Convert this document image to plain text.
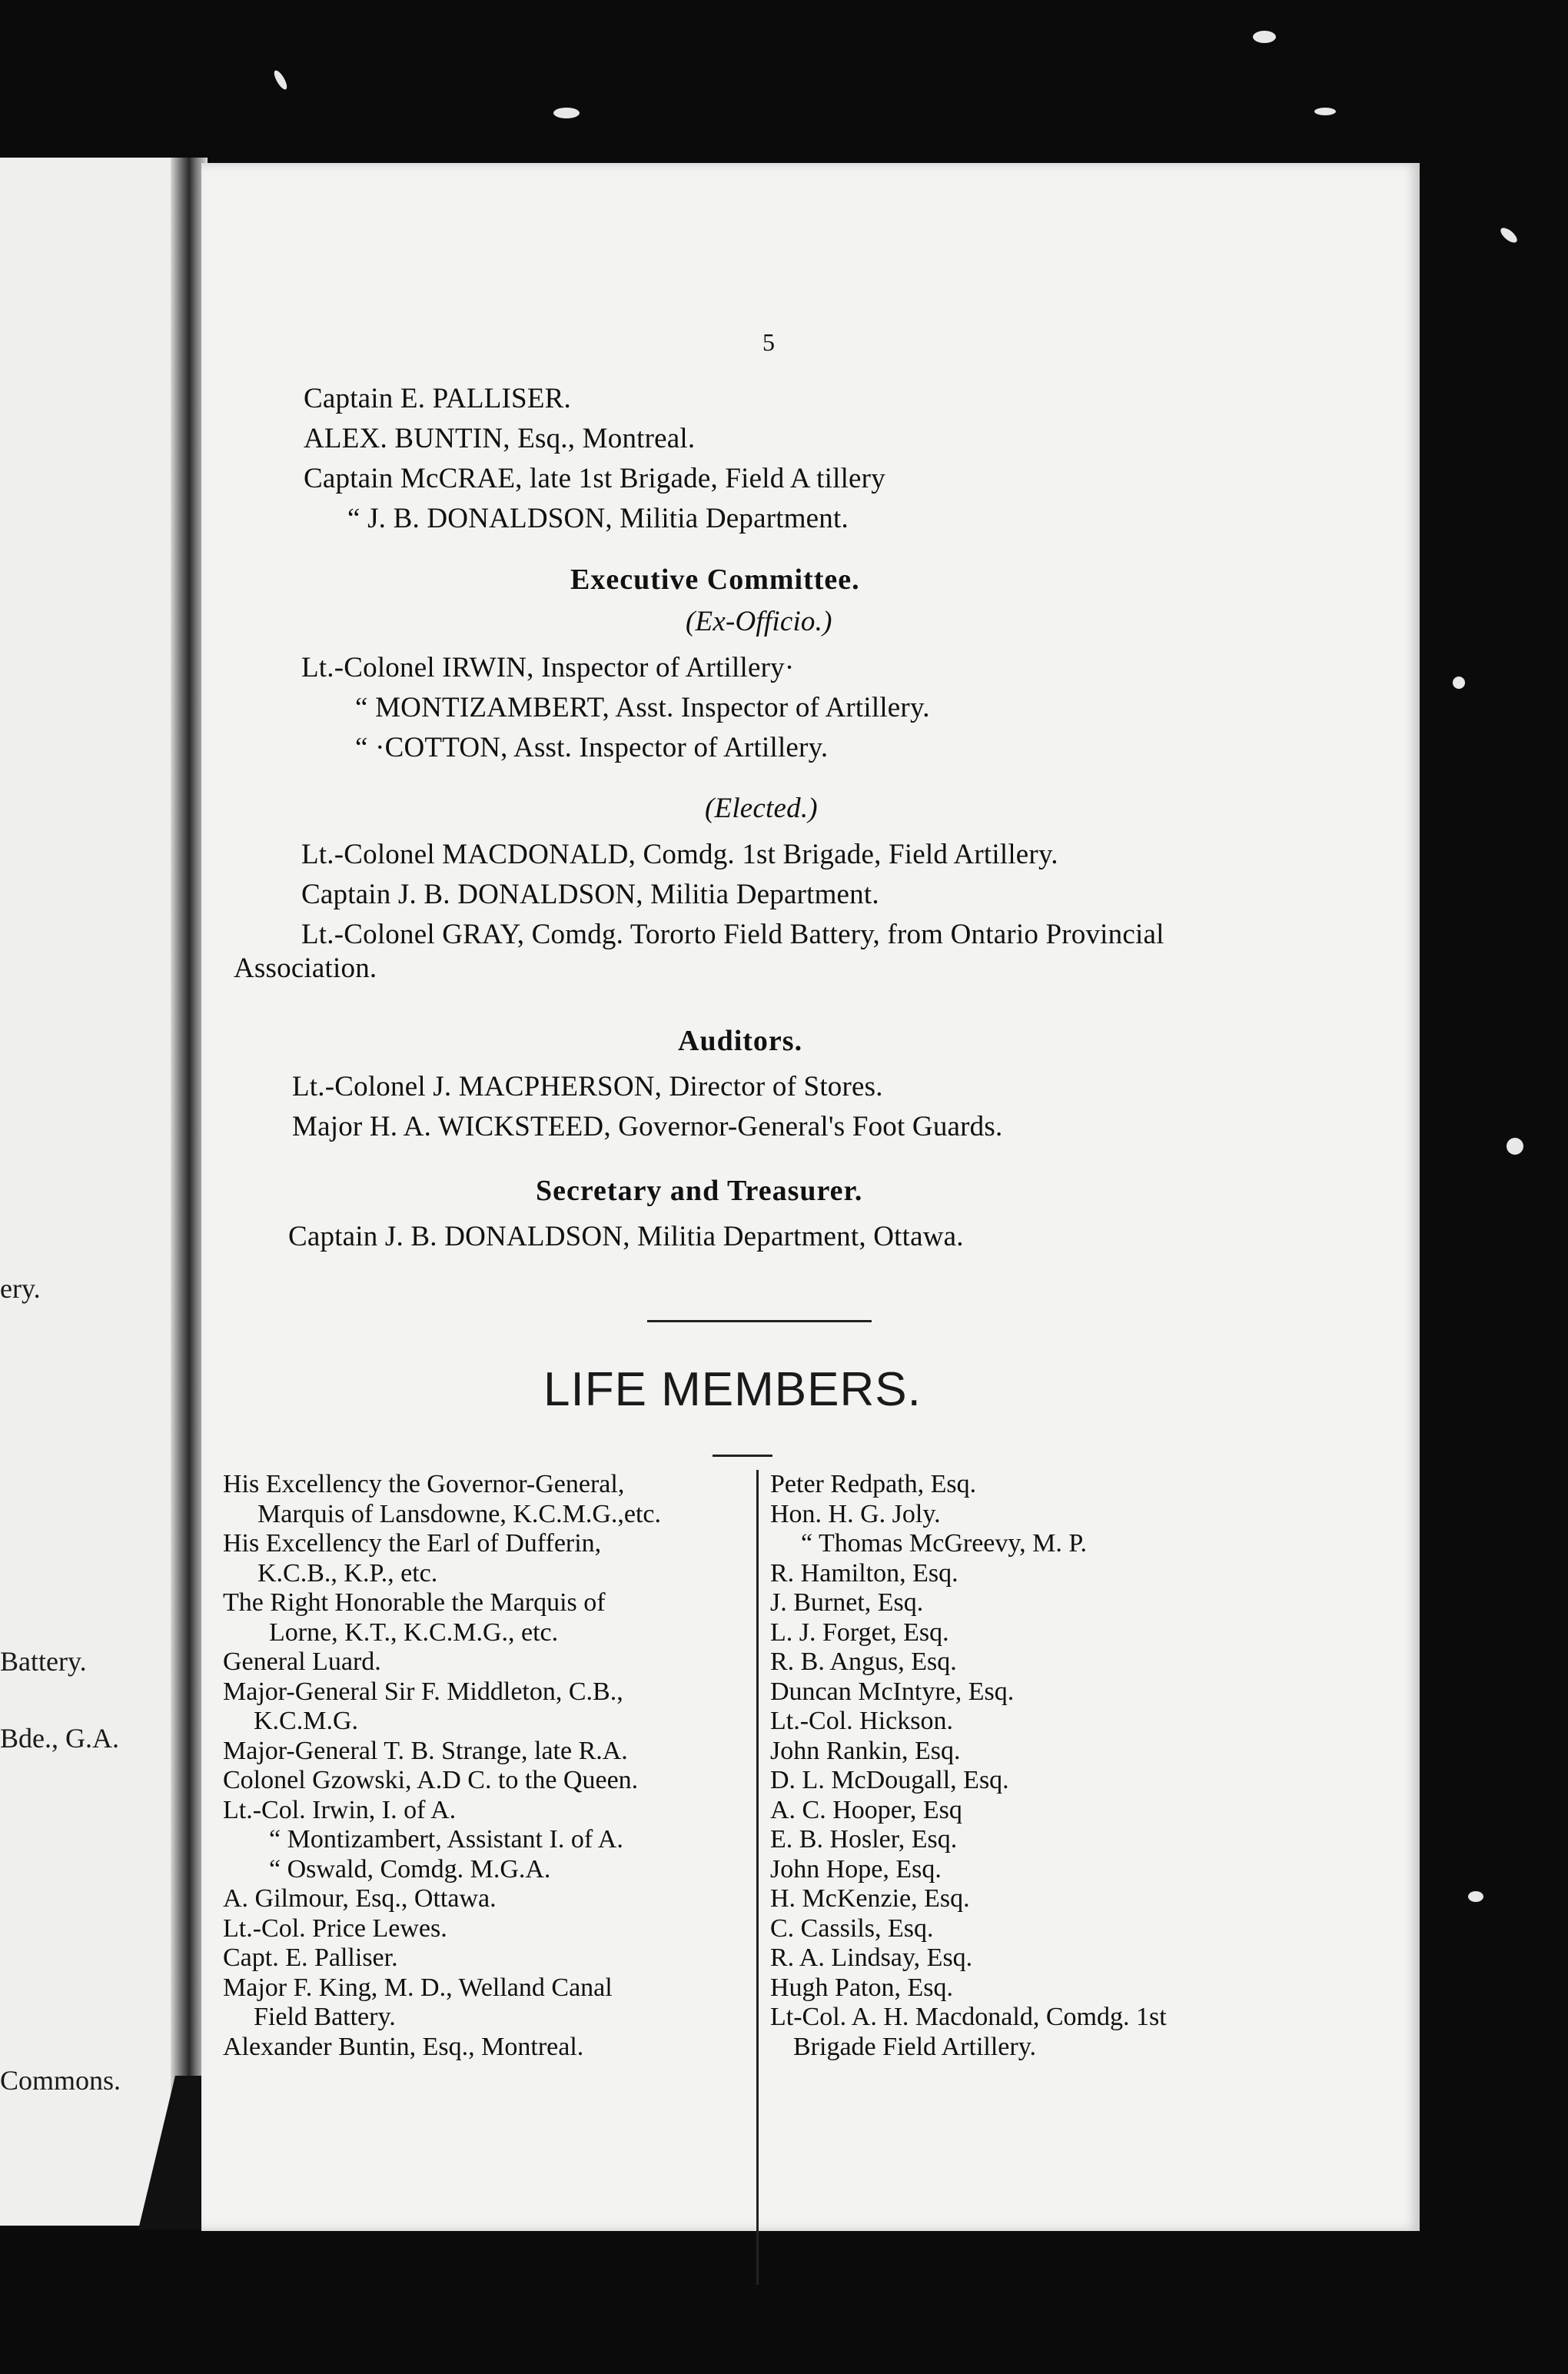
ery.
Battery.
Bde., G.A.
Commons.
5
Captain E. PALLISER.
ALEX. BUNTIN, Esq., Montreal.
Captain McCRAE, late 1st Brigade, Field A tillery
“ J. B. DONALDSON, Militia Department.
Executive Committee.
(Ex-Officio.)
Lt.-Colonel IRWIN, Inspector of Artillery·
“ MONTIZAMBERT, Asst. Inspector of Artillery.
“ ·COTTON, Asst. Inspector of Artillery.
(Elected.)
Lt.-Colonel MACDONALD, Comdg. 1st Brigade, Field Artillery.
Captain J. B. DONALDSON, Militia Department.
Lt.-Colonel GRAY, Comdg. Tororto Field Battery, from Ontario Provincial
Association.
Auditors.
Lt.-Colonel J. MACPHERSON, Director of Stores.
Major H. A. WICKSTEED, Governor-General's Foot Guards.
Secretary and Treasurer.
Captain J. B. DONALDSON, Militia Department, Ottawa.
LIFE MEMBERS.
His Excellency the Governor-General,
Marquis of Lansdowne, K.C.M.G.,etc.
His Excellency the Earl of Dufferin,
K.C.B., K.P., etc.
The Right Honorable the Marquis of
Lorne, K.T., K.C.M.G., etc.
General Luard.
Major-General Sir F. Middleton, C.B.,
K.C.M.G.
Major-General T. B. Strange, late R.A.
Colonel Gzowski, A.D C. to the Queen.
Lt.-Col. Irwin, I. of A.
“ Montizambert, Assistant I. of A.
“ Oswald, Comdg. M.G.A.
A. Gilmour, Esq., Ottawa.
Lt.-Col. Price Lewes.
Capt. E. Palliser.
Major F. King, M. D., Welland Canal
Field Battery.
Alexander Buntin, Esq., Montreal.
Peter Redpath, Esq.
Hon. H. G. Joly.
“ Thomas McGreevy, M. P.
R. Hamilton, Esq.
J. Burnet, Esq.
L. J. Forget, Esq.
R. B. Angus, Esq.
Duncan McIntyre, Esq.
Lt.-Col. Hickson.
John Rankin, Esq.
D. L. McDougall, Esq.
A. C. Hooper, Esq
E. B. Hosler, Esq.
John Hope, Esq.
H. McKenzie, Esq.
C. Cassils, Esq.
R. A. Lindsay, Esq.
Hugh Paton, Esq.
Lt-Col. A. H. Macdonald, Comdg. 1st
Brigade Field Artillery.
